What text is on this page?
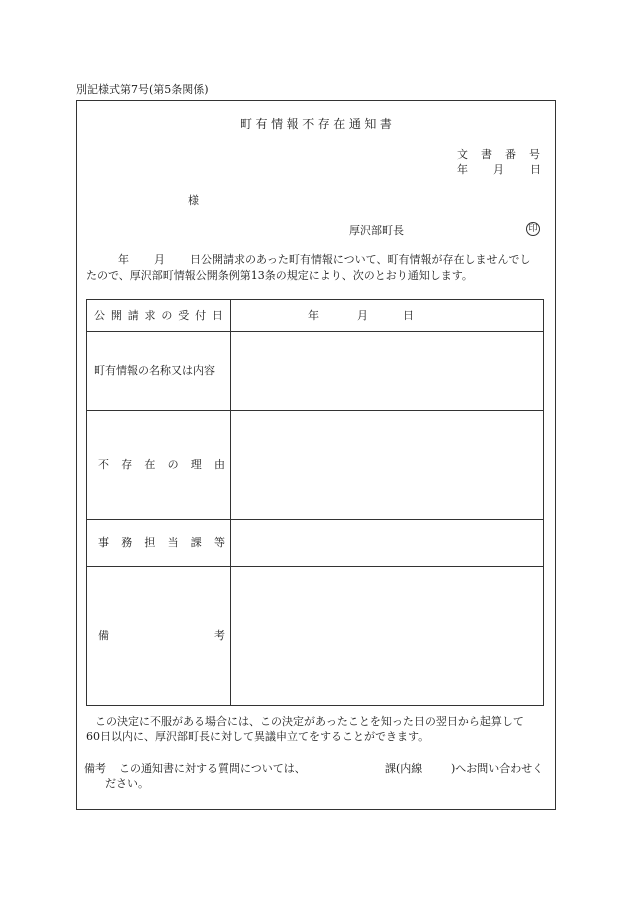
別記様式第7号(第5条関係)
町 有 情 報 不 存 在 通 知 書
文 書 番 号
年 月 日
様
厚沢部町長	印
年 月 日公開請求のあった町有情報について、町有情報が存在しませんでし
たので、厚沢部町情報公開条例第13条の規定により、次のとおり通知します。
公 開 請 求 の 受 付 日	年	月	日
町有情報の名称又は内容
不 存 在 の 理 由
事 務 担 当 課 等
備	考
この決定に不服がある場合には、この決定があったことを知った日の翌日から起算して
60日以内に、厚沢部町長に対して異議申立てをすることができます。
備考 この通知書に対する質問については、	課(内線	)へお問い合わせく
ださい。
